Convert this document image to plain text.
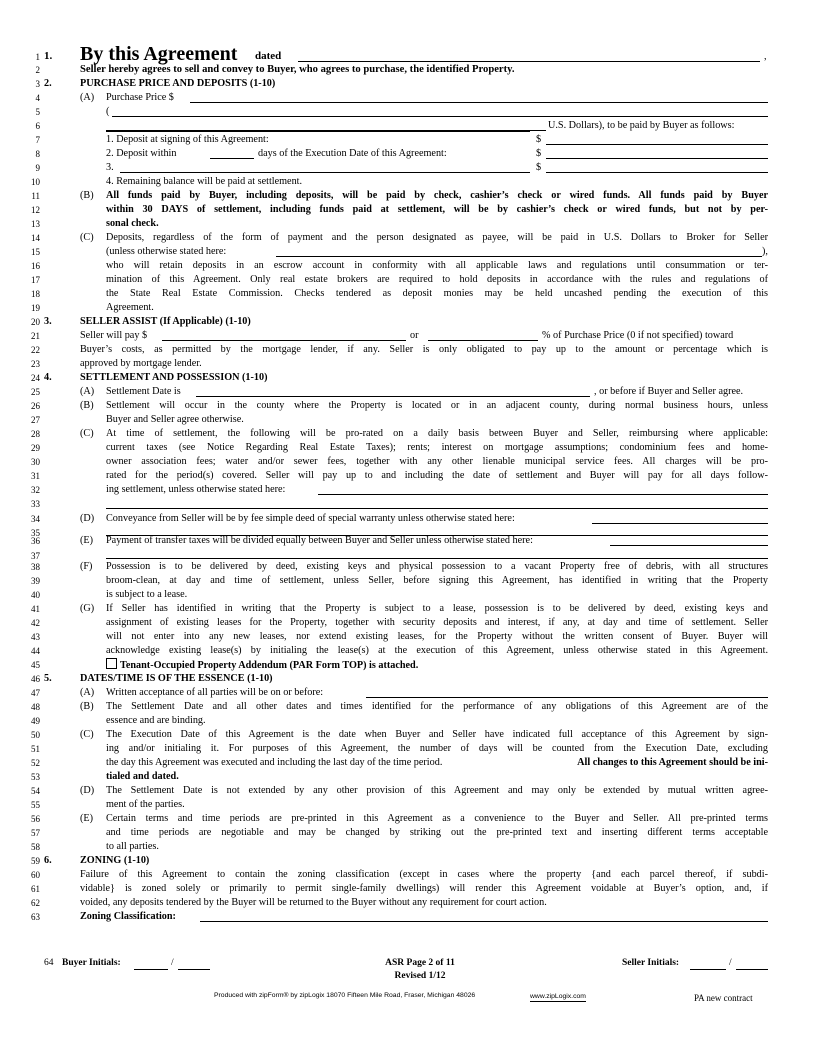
1 1. By this Agreement dated	,
2	Seller hereby agrees to sell and convey to Buyer, who agrees to purchase, the identified Property.
3 2.	PURCHASE PRICE AND DEPOSITS (1-10)
4	(A) Purchase Price $
5	(
6	U.S. Dollars), to be paid by Buyer as follows:
7	1. Deposit at signing of this Agreement:	$
8	2. Deposit within	days of the Execution Date of this Agreement:	$
9	3.	$
10	4. Remaining balance will be paid at settlement.
11	(B) All funds paid by Buyer, including deposits, will be paid by check, cashier’s check or wired funds. All funds paid by Buyer
12	within 30 DAYS of settlement, including funds paid at settlement, will be by cashier’s check or wired funds, but not by per-
13	sonal check.
14	(C) Deposits, regardless of the form of payment and the person designated as payee, will be paid in U.S. Dollars to Broker for Seller
15	(unless otherwise stated here:	),
16	who will retain deposits in an escrow account in conformity with all applicable laws and regulations until consummation or ter-
17	mination of this Agreement. Only real estate brokers are required to hold deposits in accordance with the rules and regulations of
18	the State Real Estate Commission. Checks tendered as deposit monies may be held uncashed pending the execution of this
19	Agreement.
20 3.	SELLER ASSIST (If Applicable) (1-10)
21	Seller will pay $	or	% of Purchase Price (0 if not specified) toward
22	Buyer’s costs, as permitted by the mortgage lender, if any. Seller is only obligated to pay up to the amount or percentage which is
23	approved by mortgage lender.
24 4.	SETTLEMENT AND POSSESSION (1-10)
25	(A) Settlement Date is	, or before if Buyer and Seller agree.
26	(B) Settlement will occur in the county where the Property is located or in an adjacent county, during normal business hours, unless
27	Buyer and Seller agree otherwise.
28	(C) At time of settlement, the following will be pro-rated on a daily basis between Buyer and Seller, reimbursing where applicable:
29	current taxes (see Notice Regarding Real Estate Taxes); rents; interest on mortgage assumptions; condominium fees and home-
30	owner association fees; water and/or sewer fees, together with any other lienable municipal service fees. All charges will be pro-
31	rated for the period(s) covered. Seller will pay up to and including the date of settlement and Buyer will pay for all days follow-
32	ing settlement, unless otherwise stated here:
33
34	(D) Conveyance from Seller will be by fee simple deed of special warranty unless otherwise stated here:
35
36	(E) Payment of transfer taxes will be divided equally between Buyer and Seller unless otherwise stated here:
37
38	(F) Possession is to be delivered by deed, existing keys and physical possession to a vacant Property free of debris, with all structures
39	broom-clean, at day and time of settlement, unless Seller, before signing this Agreement, has identified in writing that the Property
40	is subject to a lease.
41	(G) If Seller has identified in writing that the Property is subject to a lease, possession is to be delivered by deed, existing keys and
42	assignment of existing leases for the Property, together with security deposits and interest, if any, at day and time of settlement. Seller
43	will not enter into any new leases, nor extend existing leases, for the Property without the written consent of Buyer. Buyer will
44	acknowledge existing lease(s) by initialing the lease(s) at the execution of this Agreement, unless otherwise stated in this Agreement.
45	Tenant-Occupied Property Addendum (PAR Form TOP) is attached.
46 5.	DATES/TIME IS OF THE ESSENCE (1-10)
47	(A) Written acceptance of all parties will be on or before:
48	(B) The Settlement Date and all other dates and times identified for the performance of any obligations of this Agreement are of the
49	essence and are binding.
50	(C) The Execution Date of this Agreement is the date when Buyer and Seller have indicated full acceptance of this Agreement by sign-
51	ing and/or initialing it. For purposes of this Agreement, the number of days will be counted from the Execution Date, excluding
52	the day this Agreement was executed and including the last day of the time period.	All changes to this Agreement should be ini-
53	tialed and dated.
54	(D) The Settlement Date is not extended by any other provision of this Agreement and may only be extended by mutual written agree-
55	ment of the parties.
56	(E) Certain terms and time periods are pre-printed in this Agreement as a convenience to the Buyer and Seller. All pre-printed terms
57	and time periods are negotiable and may be changed by striking out the pre-printed text and inserting different terms acceptable
58	to all parties.
59 6.	ZONING (1-10)
60	Failure of this Agreement to contain the zoning classification (except in cases where the property {and each parcel thereof, if subdi-
61	vidable} is zoned solely or primarily to permit single-family dwellings) will render this Agreement voidable at Buyer’s option, and, if
62	voided, any deposits tendered by the Buyer will be returned to the Buyer without any requirement for court action.
63	Zoning Classification:
64 Buyer Initials:	/	ASR Page 2 of 11
Revised 1/12
Seller Initials:	/
Produced with zipForm® by zipLogix 18070 Fifteen Mile Road, Fraser, Michigan 48026	www.zipLogix.com	PA new contract
